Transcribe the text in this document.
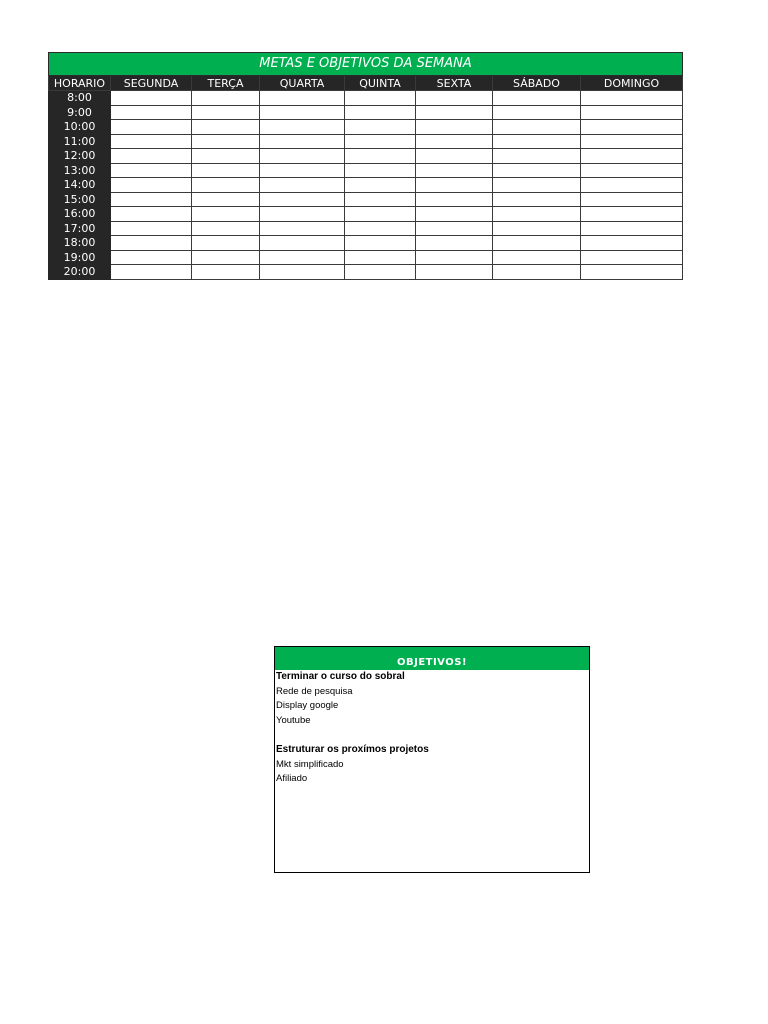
METAS E OBJETIVOS DA SEMANA							
HORARIO	SEGUNDA	TERÇA	QUARTA	QUINTA	SEXTA	SÁBADO	DOMINGO
8:00							
9:00							
10:00							
11:00							
12:00							
13:00							
14:00							
15:00							
16:00							
17:00							
18:00							
19:00							
20:00							
OBJETIVOS!
Terminar o curso do sobral
Rede de pesquisa
Display google
Youtube
Estruturar os proxímos projetos
Mkt simplificado
Afiliado
